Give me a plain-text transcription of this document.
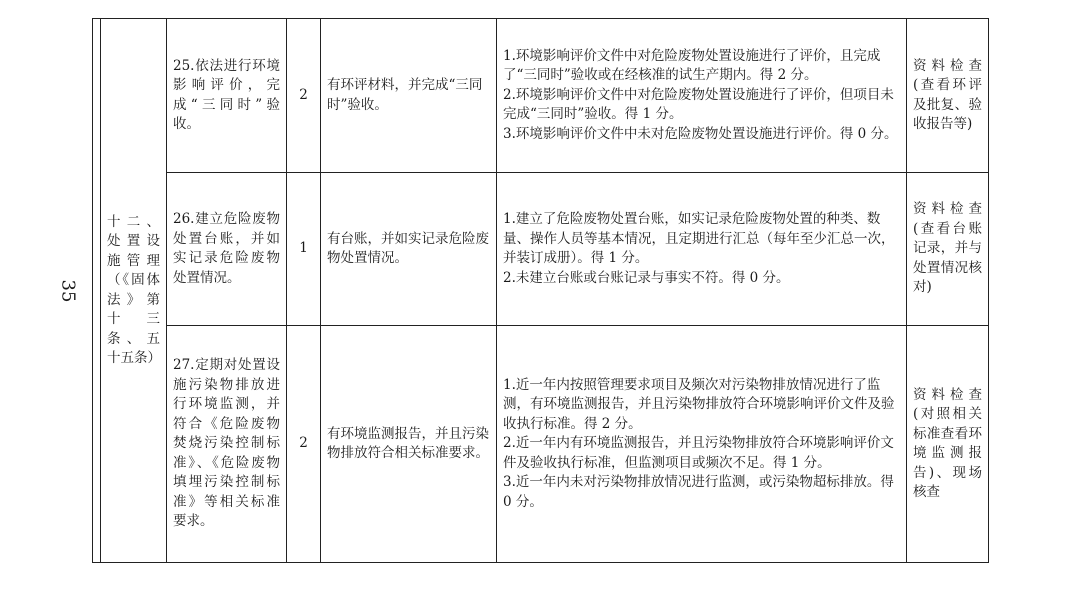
35
	十二、处置设施管理（《固体法》第十三条、五十五条）	25.依法进行环境影响评价，完成“三同时”验收。	2	有环评材料，并完成“三同时”验收。	1.环境影响评价文件中对危险废物处置设施进行了评价，且完成了“三同时”验收或在经核准的试生产期内。得 2 分。
2.环境影响评价文件中对危险废物处置设施进行了评价，但项目未完成“三同时”验收。得 1 分。
3.环境影响评价文件中未对危险废物处置设施进行评价。得 0 分。	资料检查(查看环评及批复、验收报告等)
		26.建立危险废物处置台账，并如实记录危险废物处置情况。	1	有台账，并如实记录危险废物处置情况。	1.建立了危险废物处置台账，如实记录危险废物处置的种类、数量、操作人员等基本情况，且定期进行汇总（每年至少汇总一次，并装订成册）。得 1 分。
2.未建立台账或台账记录与事实不符。得 0 分。	资料检查(查看台账记录，并与处置情况核对)
		27.定期对处置设施污染物排放进行环境监测，并符合《危险废物焚烧污染控制标准》、《危险废物填埋污染控制标准》等相关标准要求。	2	有环境监测报告，并且污染物排放符合相关标准要求。	1.近一年内按照管理要求项目及频次对污染物排放情况进行了监测，有环境监测报告，并且污染物排放符合环境影响评价文件及验收执行标准。得 2 分。
2.近一年内有环境监测报告，并且污染物排放符合环境影响评价文件及验收执行标准，但监测项目或频次不足。得 1 分。
3.近一年内未对污染物排放情况进行监测，或污染物超标排放。得 0 分。	资料检查(对照相关标准查看环境监测报告)、现场核查
